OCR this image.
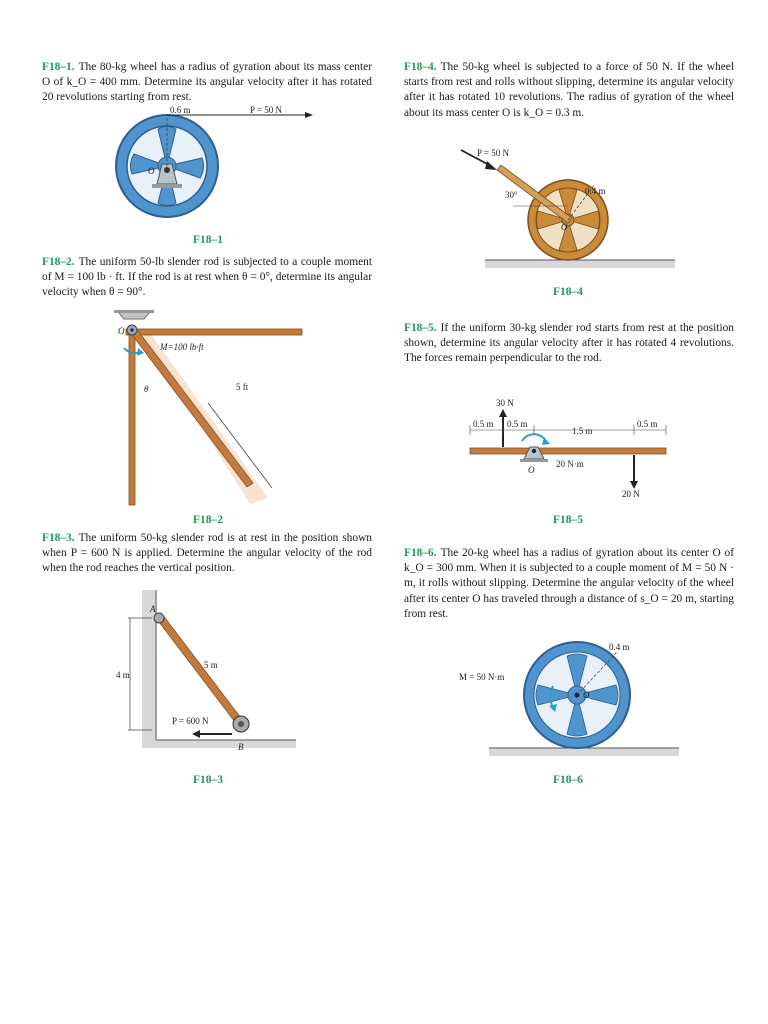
F18–1. The 80-kg wheel has a radius of gyration about its mass center O of k_O = 400 mm. Determine its angular velocity after it has rotated 20 revolutions starting from rest.
0.6 m	P = 50 N
O
F18–1
F18–2. The uniform 50-lb slender rod is subjected to a couple moment of M = 100 lb · ft. If the rod is at rest when θ = 0°, determine its angular velocity when θ = 90°.
O
M=100 lb·ft
5 ft
θ
F18–2
F18–3. The uniform 50-kg slender rod is at rest in the position shown when P = 600 N is applied. Determine the angular velocity of the rod when the rod reaches the vertical position.
A
B
4 m
5 m
P = 600 N
F18–3
F18–4. The 50-kg wheel is subjected to a force of 50 N. If the wheel starts from rest and rolls without slipping, determine its angular velocity after it has rotated 10 revolutions. The radius of gyration of the wheel about its mass center O is k_O = 0.3 m.
P = 50 N
0.4 m
30°
O
F18–4
F18–5. If the uniform 30-kg slender rod starts from rest at the position shown, determine its angular velocity after it has rotated 4 revolutions. The forces remain perpendicular to the rod.
30 N
20 N
20 N·m
0.5 m 0.5 m
1.5 m
0.5 m
O
F18–5
F18–6. The 20-kg wheel has a radius of gyration about its center O of k_O = 300 mm. When it is subjected to a couple moment of M = 50 N · m, it rolls without slipping. Determine the angular velocity of the wheel after its center O has traveled through a distance of s_O = 20 m, starting from rest.
M = 50 N·m
0.4 m
O
F18–6
